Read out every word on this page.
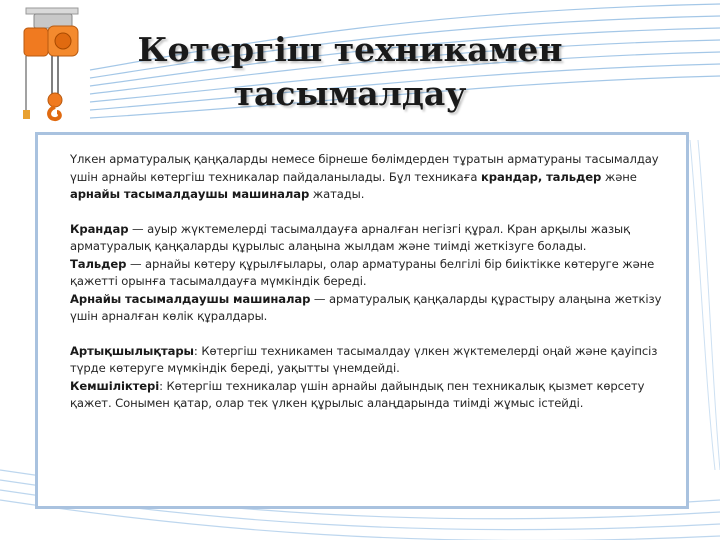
Көтергіш техникамен
тасымалдау

Үлкен арматуралық қаңқаларды немесе бірнеше бөлімдерден тұратын арматураны тасымалдау үшін арнайы көтергіш техникалар пайдаланылады. Бұл техникаға крандар, тальдер және арнайы тасымалдаушы машиналар жатады.

Крандар — ауыр жүктемелерді тасымалдауға арналған негізгі құрал. Кран арқылы жазық арматуралық қаңқаларды құрылыс алаңына жылдам және тиімді жеткізуге болады.

Тальдер — арнайы көтеру құрылғылары, олар арматураны белгілі бір биіктікке көтеруге және қажетті орынға тасымалдауға мүмкіндік береді.

Арнайы тасымалдаушы машиналар — арматуралық қаңқаларды құрастыру алаңына жеткізу үшін арналған көлік құралдары.

Артықшылықтары: Көтергіш техникамен тасымалдау үлкен жүктемелерді оңай және қауіпсіз түрде көтеруге мүмкіндік береді, уақытты үнемдейді.

Кемшіліктері: Көтергіш техникалар үшін арнайы дайындық пен техникалық қызмет көрсету қажет. Сонымен қатар, олар тек үлкен құрылыс алаңдарында тиімді жұмыс істейді.
